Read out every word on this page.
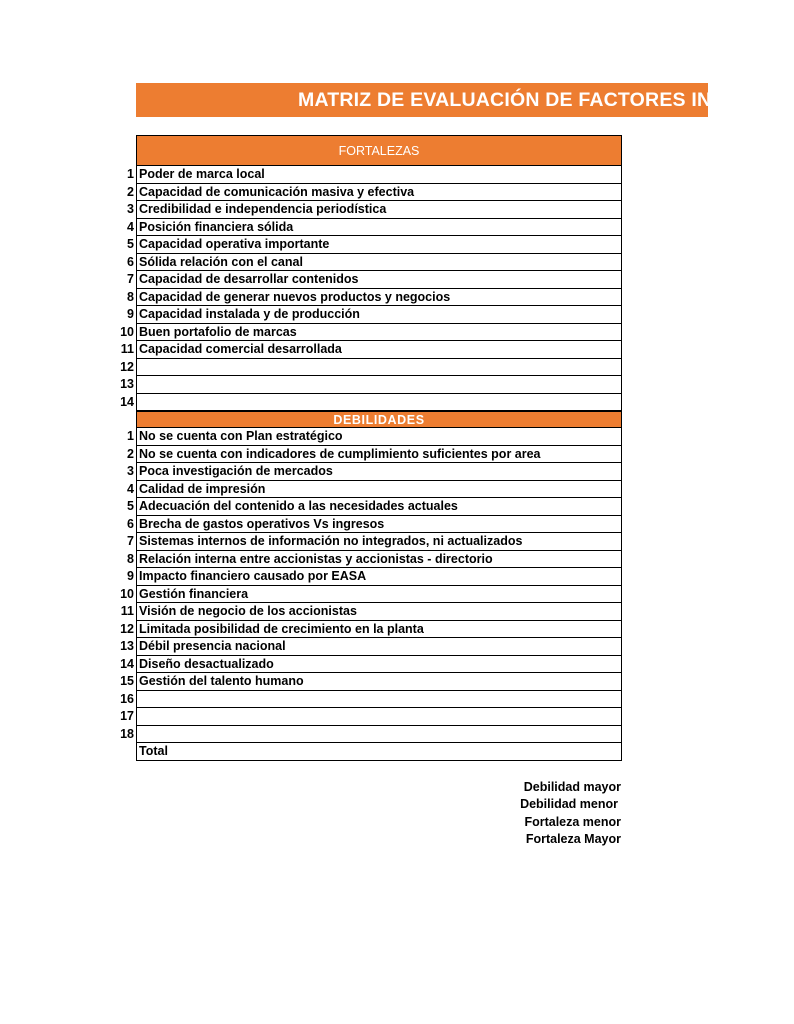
MATRIZ DE EVALUACIÓN DE FACTORES INTERNOS
FORTALEZAS
Poder de marca local
Capacidad de comunicación masiva y efectiva
Credibilidad e independencia periodística
Posición financiera sólida
Capacidad operativa importante
Sólida relación con el canal
Capacidad de desarrollar contenidos
Capacidad de generar nuevos productos y negocios
Capacidad instalada y de producción
Buen portafolio de marcas
Capacidad comercial desarrollada
DEBILIDADES
No se cuenta con Plan estratégico
No se cuenta con indicadores de cumplimiento suficientes por area
Poca investigación de mercados
Calidad de impresión
Adecuación del contenido a las necesidades actuales
Brecha de gastos operativos Vs ingresos
Sistemas internos de información no integrados, ni actualizados
Relación interna entre accionistas y accionistas - directorio
Impacto financiero causado por EASA
Gestión financiera
Visión de negocio de los accionistas
Limitada posibilidad de crecimiento en la planta
Débil presencia nacional
Diseño desactualizado
Gestión del talento humano
Total
Debilidad mayor
Debilidad menor
Fortaleza menor
Fortaleza Mayor
1
2
3
4
5
6
7
8
9
10
11
12
13
14
1
2
3
4
5
6
7
8
9
10
11
12
13
14
15
16
17
18
